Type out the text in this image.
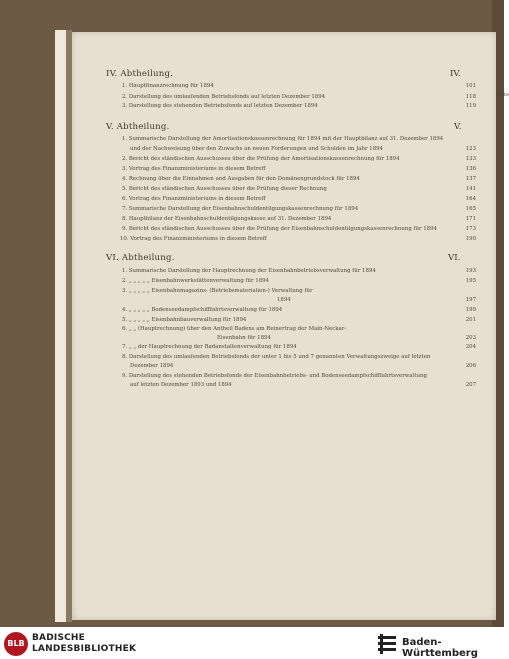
Seite
IV. Abtheilung.	IV.
1. Hauptfinanzrechnung für 1894	101
2. Darstellung des umlaufenden Betriebsfonds auf letzten Dezember 1894	118
3. Darstellung des stehenden Betriebsfonds auf letzten Dezember 1894	119
V. Abtheilung.	V.
1. Summarische Darstellung der Amortisationskassenrechnung für 1894 mit der Hauptbilanz auf 31. Dezember 1894
und der Nachweisung über den Zuwachs an neuen Forderungen und Schulden im Jahr 1894	123
2. Bericht des ständischen Ausschusses über die Prüfung der Amortisationskassenrechnung für 1894	133
3. Vortrag des Finanzministeriums in diesem Betreff	136
4. Rechnung über die Einnahmen und Ausgaben für den Domänengrundstock für 1894	137
5. Bericht des ständischen Ausschusses über die Prüfung dieser Rechnung	141
6. Vortrag des Finanzministeriums in diesem Betreff	164
7. Summarische Darstellung der Eisenbahnschuldentilgungskassenrechnung für 1894	165
8. Hauptbilanz der Eisenbahnschuldentilgungskasse auf 31. Dezember 1894	171
9. Bericht des ständischen Ausschusses über die Prüfung der Eisenbahnschuldentilgungskassenrechnung für 1894	173
10. Vortrag des Finanzministeriums in diesem Betreff	190
VI. Abtheilung.	VI.
1. Summarische Darstellung der Hauptrechnung der Eisenbahnbetriebsverwaltung für 1894	193
2. „ „ „ „ „ Eisenbahnwerkstättenverwaltung für 1894	195
3. „ „ „ „ „ Eisenbahnmagazins- (Betriebsmaterialien-) Verwaltung für
1894	197
4. „ „ „ „ „ Bodenseedampfschifffahrtsverwaltung für 1894	199
5. „ „ „ „ „ Eisenbahnbauverwaltung für 1894	201
6. „ „ (Hauptrechnung) über den Antheil Badens am Reinertrag der Main-Neckar-
Eisenbahn für 1894	203
7. „ „ der Hauptrechnung der Badanstaltenverwaltung für 1894	204
8. Darstellung des umlaufenden Betriebsfonds der unter 1 bis 5 und 7 genannten Verwaltungszweige auf letzten
Dezember 1894	206
9. Darstellung des stehenden Betriebsfonds der Eisenbahnbetriebs- und Bodenseedampfschifffahrtsverwaltung
auf letzten Dezember 1893 und 1894	207
BLB
BADISCHE
LANDESBIBLIOTHEK
Baden-Württemberg
